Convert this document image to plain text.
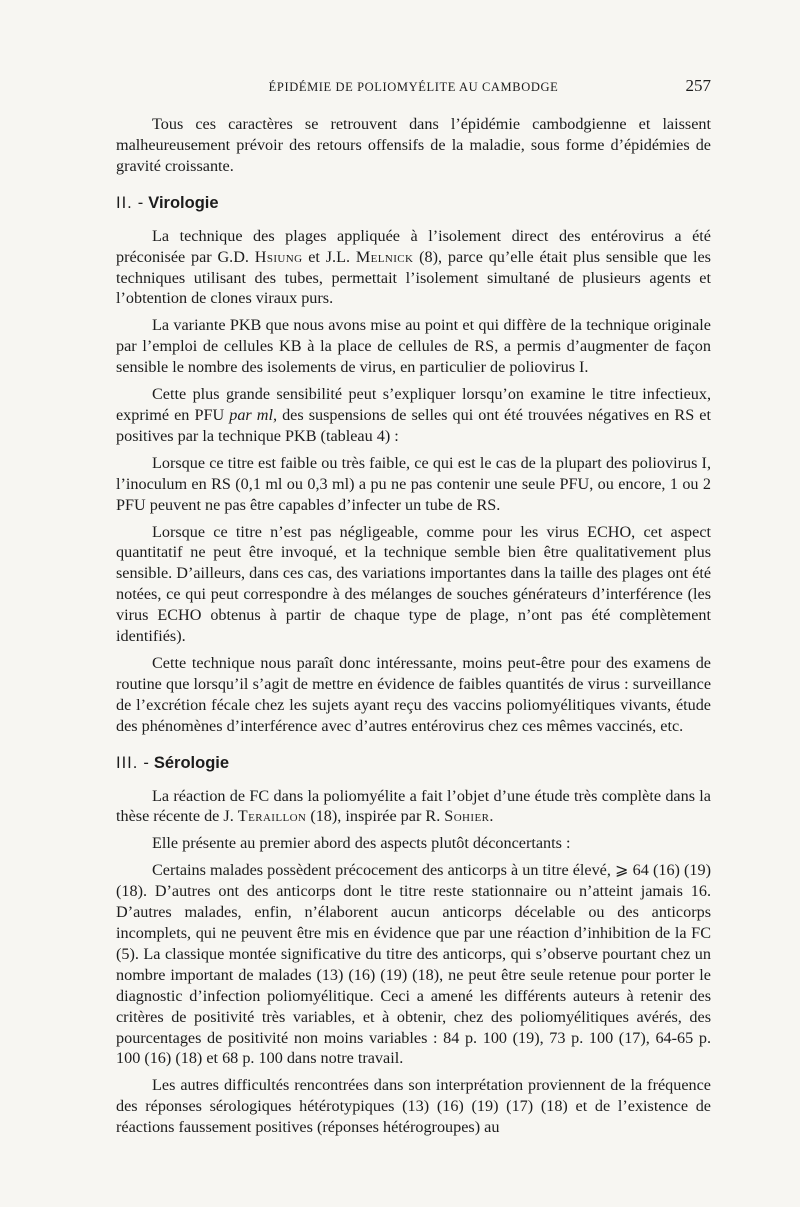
ÉPIDÉMIE DE POLIOMYÉLITE AU CAMBODGE	257

Tous ces caractères se retrouvent dans l’épidémie cambodgienne et laissent malheureusement prévoir des retours offensifs de la maladie, sous forme d’épidémies de gravité croissante.

II. - Virologie

La technique des plages appliquée à l’isolement direct des entérovirus a été préconisée par G.D. Hsiung et J.L. Melnick (8), parce qu’elle était plus sensible que les techniques utilisant des tubes, permettait l’isolement simultané de plusieurs agents et l’obtention de clones viraux purs.

La variante PKB que nous avons mise au point et qui diffère de la technique originale par l’emploi de cellules KB à la place de cellules de RS, a permis d’augmenter de façon sensible le nombre des isolements de virus, en particulier de poliovirus I.

Cette plus grande sensibilité peut s’expliquer lorsqu’on examine le titre infectieux, exprimé en PFU par ml, des suspensions de selles qui ont été trouvées négatives en RS et positives par la technique PKB (tableau 4) :

Lorsque ce titre est faible ou très faible, ce qui est le cas de la plupart des poliovirus I, l’inoculum en RS (0,1 ml ou 0,3 ml) a pu ne pas contenir une seule PFU, ou encore, 1 ou 2 PFU peuvent ne pas être capables d’infecter un tube de RS.

Lorsque ce titre n’est pas négligeable, comme pour les virus ECHO, cet aspect quantitatif ne peut être invoqué, et la technique semble bien être qualitativement plus sensible. D’ailleurs, dans ces cas, des variations importantes dans la taille des plages ont été notées, ce qui peut correspondre à des mélanges de souches générateurs d’interférence (les virus ECHO obtenus à partir de chaque type de plage, n’ont pas été complètement identifiés).

Cette technique nous paraît donc intéressante, moins peut-être pour des examens de routine que lorsqu’il s’agit de mettre en évidence de faibles quantités de virus : surveillance de l’excrétion fécale chez les sujets ayant reçu des vaccins poliomyélitiques vivants, étude des phénomènes d’interférence avec d’autres entérovirus chez ces mêmes vaccinés, etc.

III. - Sérologie

La réaction de FC dans la poliomyélite a fait l’objet d’une étude très complète dans la thèse récente de J. Teraillon (18), inspirée par R. Sohier.

Elle présente au premier abord des aspects plutôt déconcertants :

Certains malades possèdent précocement des anticorps à un titre élevé, ⩾ 64 (16) (19) (18). D’autres ont des anticorps dont le titre reste stationnaire ou n’atteint jamais 16. D’autres malades, enfin, n’élaborent aucun anticorps décelable ou des anticorps incomplets, qui ne peuvent être mis en évidence que par une réaction d’inhibition de la FC (5). La classique montée significative du titre des anticorps, qui s’observe pourtant chez un nombre important de malades (13) (16) (19) (18), ne peut être seule retenue pour porter le diagnostic d’infection poliomyélitique. Ceci a amené les différents auteurs à retenir des critères de positivité très variables, et à obtenir, chez des poliomyélitiques avérés, des pourcentages de positivité non moins variables : 84 p. 100 (19), 73 p. 100 (17), 64-65 p. 100 (16) (18) et 68 p. 100 dans notre travail.

Les autres difficultés rencontrées dans son interprétation proviennent de la fréquence des réponses sérologiques hétérotypiques (13) (16) (19) (17) (18) et de l’existence de réactions faussement positives (réponses hétérogroupes) au
